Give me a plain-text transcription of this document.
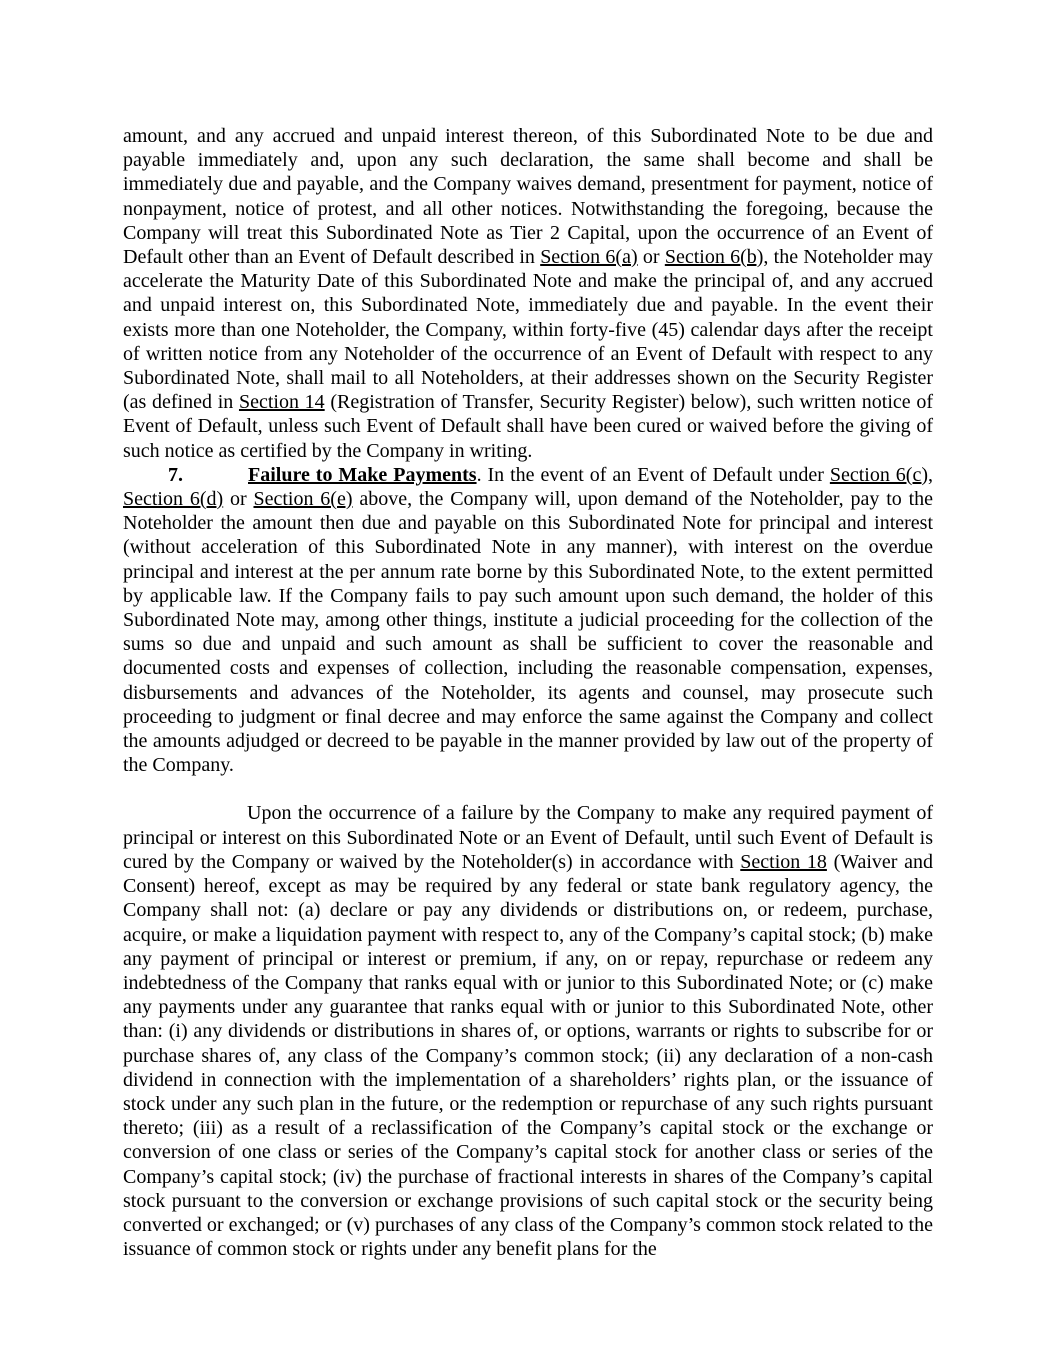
amount, and any accrued and unpaid interest thereon, of this Subordinated Note to be due and payable immediately and, upon any such declaration, the same shall become and shall be immediately due and payable, and the Company waives demand, presentment for payment, notice of nonpayment, notice of protest, and all other notices. Notwithstanding the foregoing, because the Company will treat this Subordinated Note as Tier 2 Capital, upon the occurrence of an Event of Default other than an Event of Default described in Section 6(a) or Section 6(b), the Noteholder may accelerate the Maturity Date of this Subordinated Note and make the principal of, and any accrued and unpaid interest on, this Subordinated Note, immediately due and payable. In the event their exists more than one Noteholder, the Company, within forty-five (45) calendar days after the receipt of written notice from any Noteholder of the occurrence of an Event of Default with respect to any Subordinated Note, shall mail to all Noteholders, at their addresses shown on the Security Register (as defined in Section 14 (Registration of Transfer, Security Register) below), such written notice of Event of Default, unless such Event of Default shall have been cured or waived before the giving of such notice as certified by the Company in writing.

7.	Failure to Make Payments. In the event of an Event of Default under Section 6(c), Section 6(d) or Section 6(e) above, the Company will, upon demand of the Noteholder, pay to the Noteholder the amount then due and payable on this Subordinated Note for principal and interest (without acceleration of this Subordinated Note in any manner), with interest on the overdue principal and interest at the per annum rate borne by this Subordinated Note, to the extent permitted by applicable law. If the Company fails to pay such amount upon such demand, the holder of this Subordinated Note may, among other things, institute a judicial proceeding for the collection of the sums so due and unpaid and such amount as shall be sufficient to cover the reasonable and documented costs and expenses of collection, including the reasonable compensation, expenses, disbursements and advances of the Noteholder, its agents and counsel, may prosecute such proceeding to judgment or final decree and may enforce the same against the Company and collect the amounts adjudged or decreed to be payable in the manner provided by law out of the property of the Company.

Upon the occurrence of a failure by the Company to make any required payment of principal or interest on this Subordinated Note or an Event of Default, until such Event of Default is cured by the Company or waived by the Noteholder(s) in accordance with Section 18 (Waiver and Consent) hereof, except as may be required by any federal or state bank regulatory agency, the Company shall not: (a) declare or pay any dividends or distributions on, or redeem, purchase, acquire, or make a liquidation payment with respect to, any of the Company’s capital stock; (b) make any payment of principal or interest or premium, if any, on or repay, repurchase or redeem any indebtedness of the Company that ranks equal with or junior to this Subordinated Note; or (c) make any payments under any guarantee that ranks equal with or junior to this Subordinated Note, other than: (i) any dividends or distributions in shares of, or options, warrants or rights to subscribe for or purchase shares of, any class of the Company’s common stock; (ii) any declaration of a non-cash dividend in connection with the implementation of a shareholders’ rights plan, or the issuance of stock under any such plan in the future, or the redemption or repurchase of any such rights pursuant thereto; (iii) as a result of a reclassification of the Company’s capital stock or the exchange or conversion of one class or series of the Company’s capital stock for another class or series of the Company’s capital stock; (iv) the purchase of fractional interests in shares of the Company’s capital stock pursuant to the conversion or exchange provisions of such capital stock or the security being converted or exchanged; or (v) purchases of any class of the Company’s common stock related to the issuance of common stock or rights under any benefit plans for the
